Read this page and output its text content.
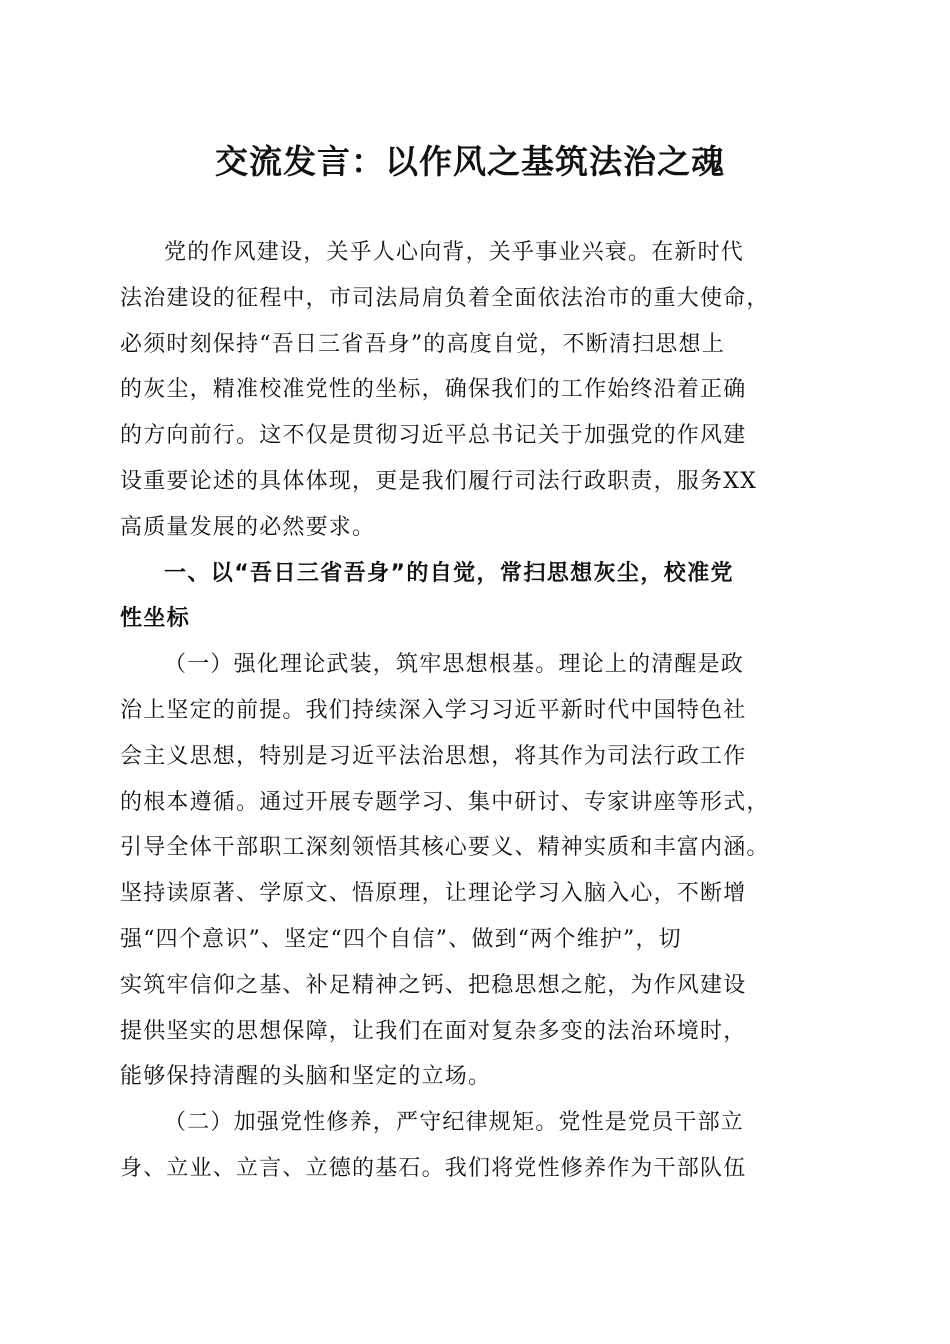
交流发言：以作风之基筑法治之魂

党的作风建设，关乎人心向背，关乎事业兴衰。在新时代
法治建设的征程中，市司法局肩负着全面依法治市的重大使命，
必须时刻保持“吾日三省吾身”的高度自觉，不断清扫思想上
的灰尘，精准校准党性的坐标，确保我们的工作始终沿着正确
的方向前行。这不仅是贯彻习近平总书记关于加强党的作风建
设重要论述的具体体现，更是我们履行司法行政职责，服务XX
高质量发展的必然要求。

一、以“吾日三省吾身”的自觉，常扫思想灰尘，校准党
性坐标

（一）强化理论武装，筑牢思想根基。理论上的清醒是政
治上坚定的前提。我们持续深入学习习近平新时代中国特色社
会主义思想，特别是习近平法治思想，将其作为司法行政工作
的根本遵循。通过开展专题学习、集中研讨、专家讲座等形式，
引导全体干部职工深刻领悟其核心要义、精神实质和丰富内涵。
坚持读原著、学原文、悟原理，让理论学习入脑入心，不断增
强“四个意识”、坚定“四个自信”、做到“两个维护”，切
实筑牢信仰之基、补足精神之钙、把稳思想之舵，为作风建设
提供坚实的思想保障，让我们在面对复杂多变的法治环境时，
能够保持清醒的头脑和坚定的立场。

（二）加强党性修养，严守纪律规矩。党性是党员干部立
身、立业、立言、立德的基石。我们将党性修养作为干部队伍
